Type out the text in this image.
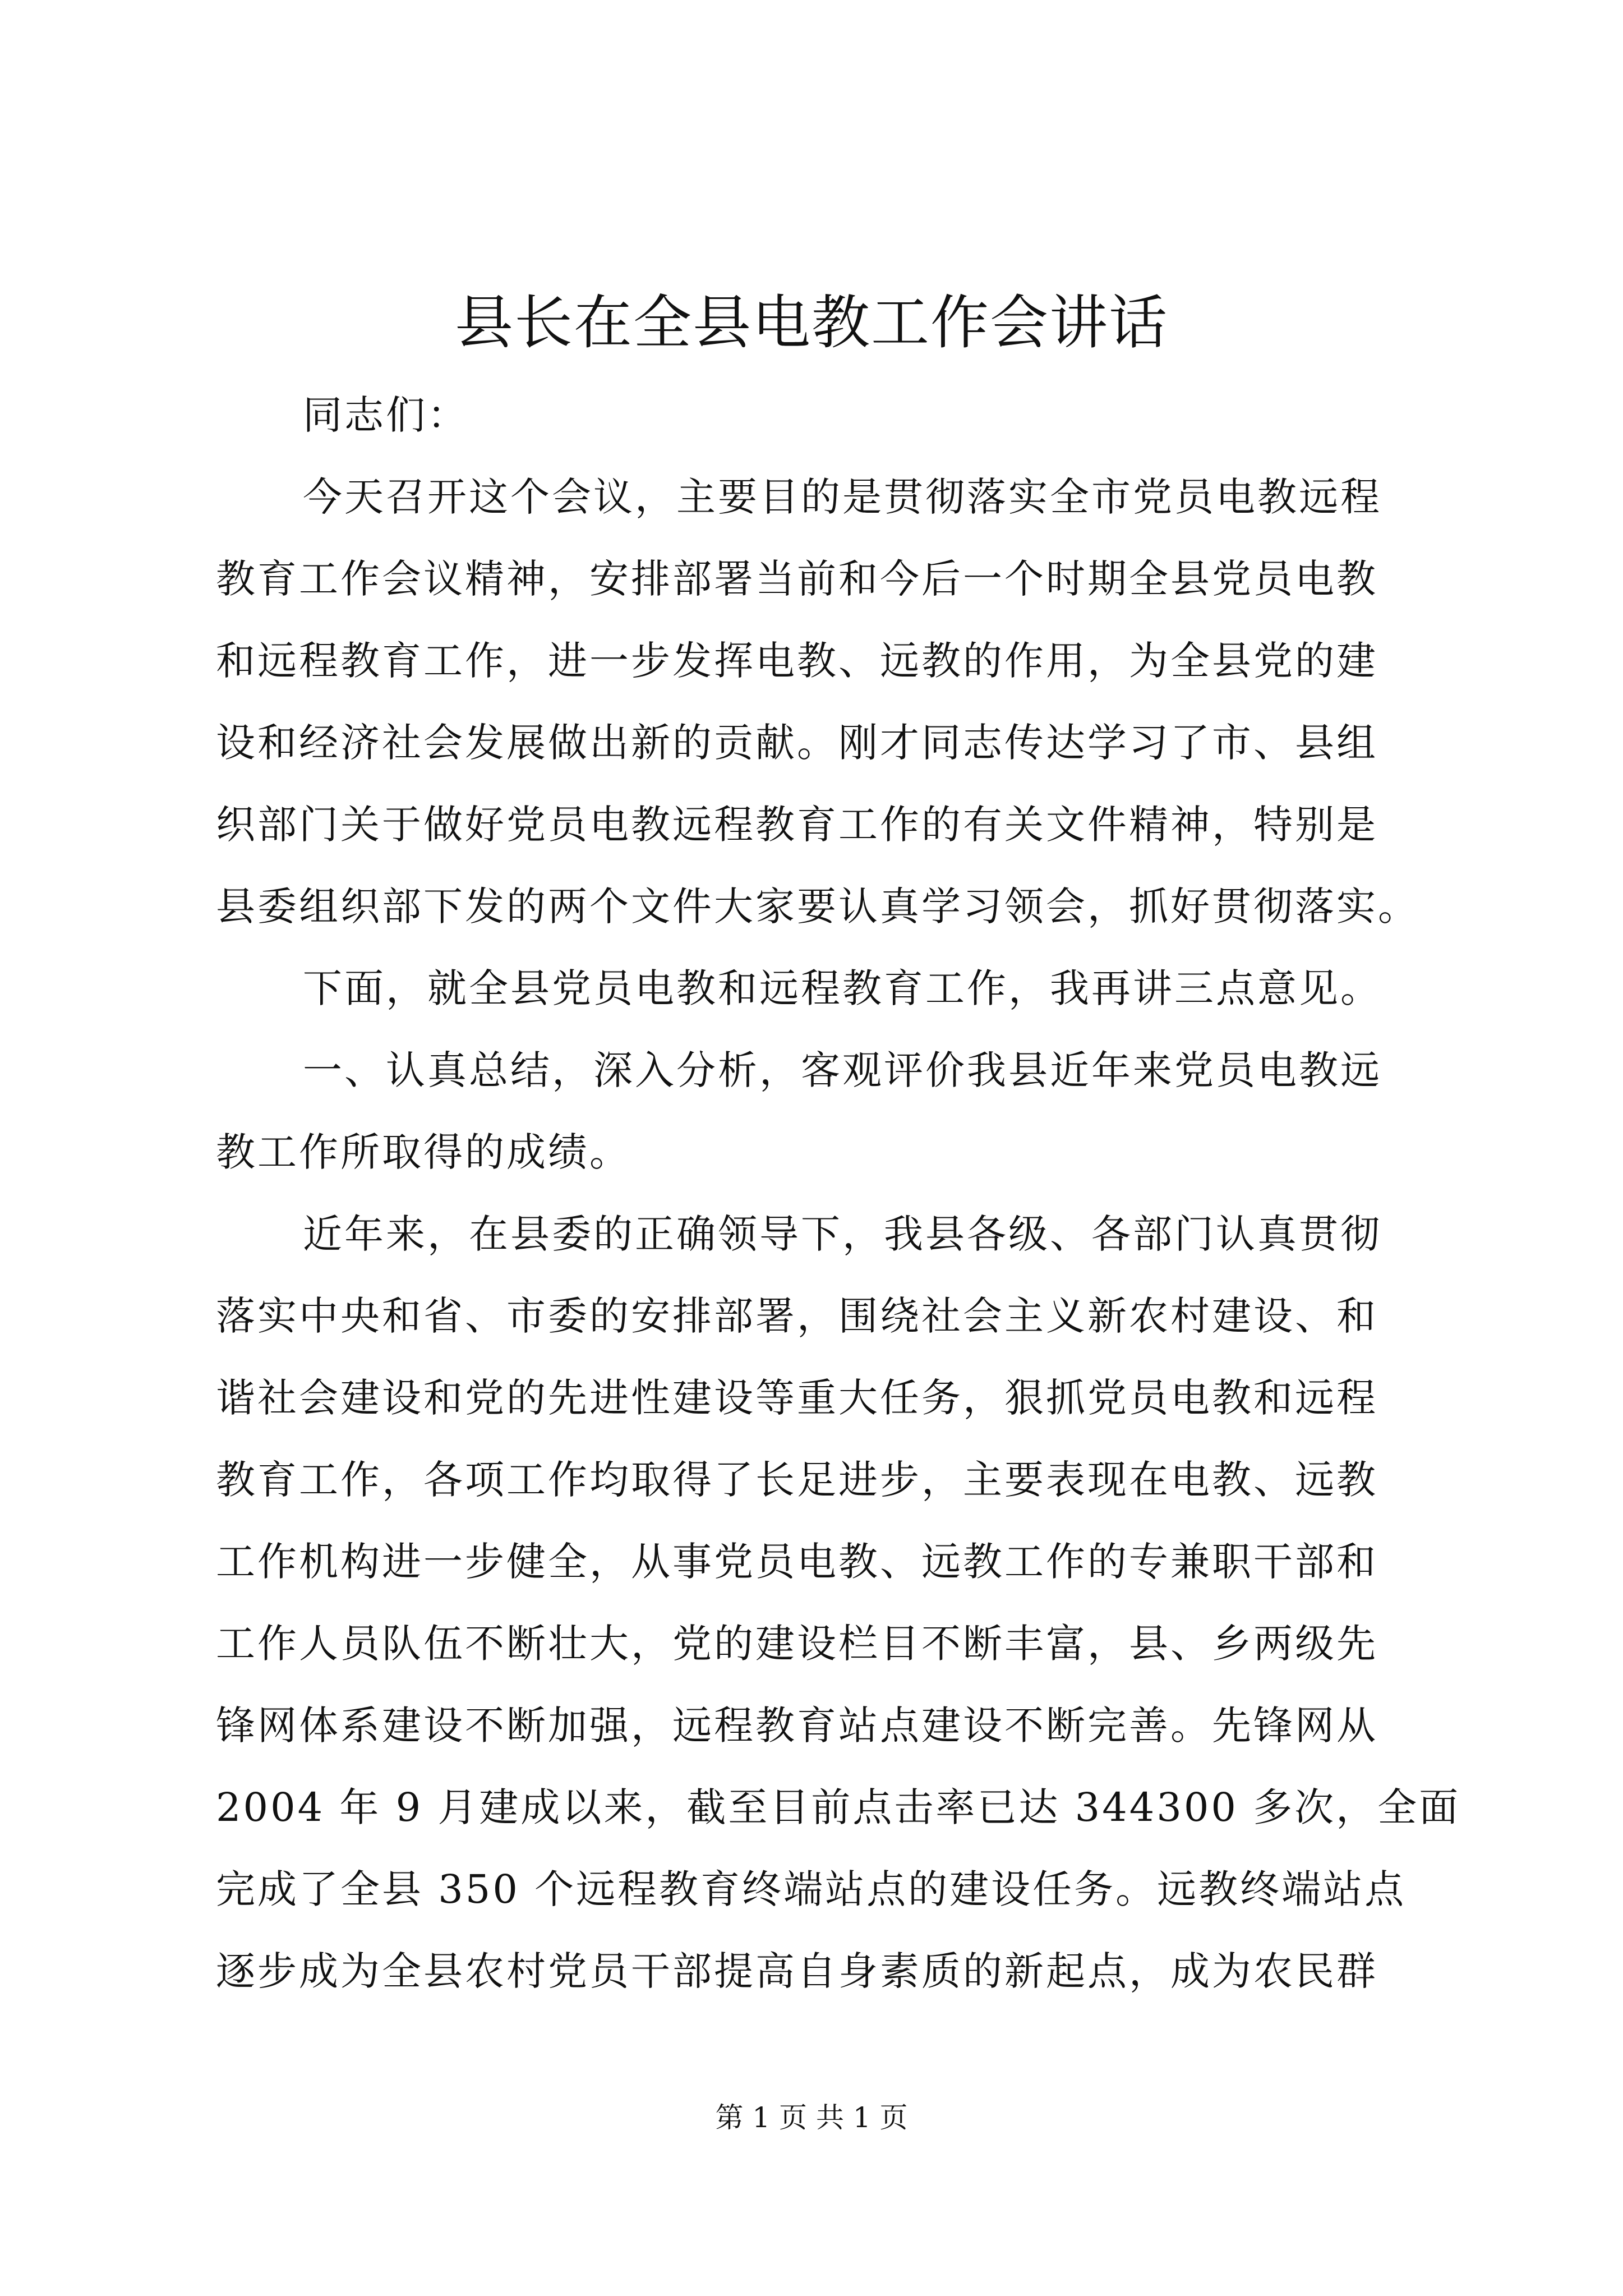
县长在全县电教工作会讲话
同志们：
今天召开这个会议，主要目的是贯彻落实全市党员电教远程
教育工作会议精神，安排部署当前和今后一个时期全县党员电教
和远程教育工作，进一步发挥电教、远教的作用，为全县党的建
设和经济社会发展做出新的贡献。刚才同志传达学习了市、县组
织部门关于做好党员电教远程教育工作的有关文件精神，特别是
县委组织部下发的两个文件大家要认真学习领会，抓好贯彻落实。
下面，就全县党员电教和远程教育工作，我再讲三点意见。
一、认真总结，深入分析，客观评价我县近年来党员电教远
教工作所取得的成绩。
近年来，在县委的正确领导下，我县各级、各部门认真贯彻
落实中央和省、市委的安排部署，围绕社会主义新农村建设、和
谐社会建设和党的先进性建设等重大任务，狠抓党员电教和远程
教育工作，各项工作均取得了长足进步，主要表现在电教、远教
工作机构进一步健全，从事党员电教、远教工作的专兼职干部和
工作人员队伍不断壮大，党的建设栏目不断丰富，县、乡两级先
锋网体系建设不断加强，远程教育站点建设不断完善。先锋网从
2004 年 9 月建成以来，截至目前点击率已达 344300 多次，全面
完成了全县 350 个远程教育终端站点的建设任务。远教终端站点
逐步成为全县农村党员干部提高自身素质的新起点，成为农民群
第 1 页 共 1 页
